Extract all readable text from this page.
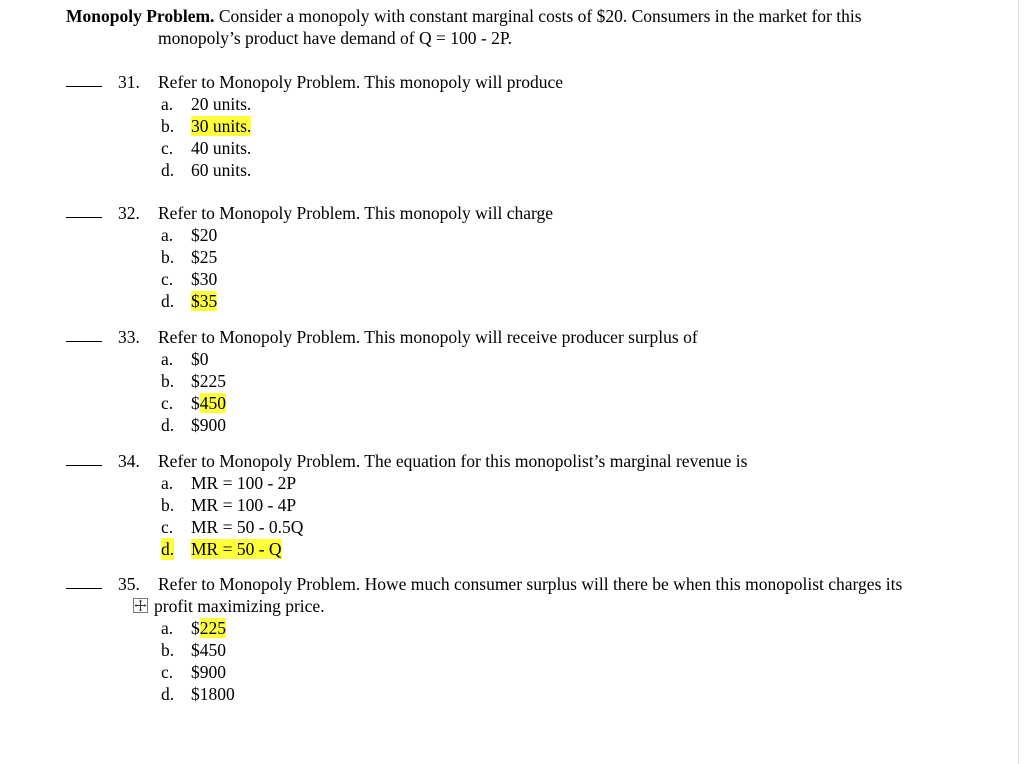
Monopoly Problem. Consider a monopoly with constant marginal costs of $20. Consumers in the market for this
monopoly’s product have demand of Q = 100 - 2P.
31. Refer to Monopoly Problem. This monopoly will produce
a. 20 units.
b. 30 units.
c. 40 units.
d. 60 units.
32. Refer to Monopoly Problem. This monopoly will charge
a. $20
b. $25
c. $30
d. $35
33. Refer to Monopoly Problem. This monopoly will receive producer surplus of
a. $0
b. $225
c. $450
d. $900
34. Refer to Monopoly Problem. The equation for this monopolist’s marginal revenue is
a. MR = 100 - 2P
b. MR = 100 - 4P
c. MR = 50 - 0.5Q
d. MR = 50 - Q
35. Refer to Monopoly Problem. Howe much consumer surplus will there be when this monopolist charges its
profit maximizing price.
a. $225
b. $450
c. $900
d. $1800
